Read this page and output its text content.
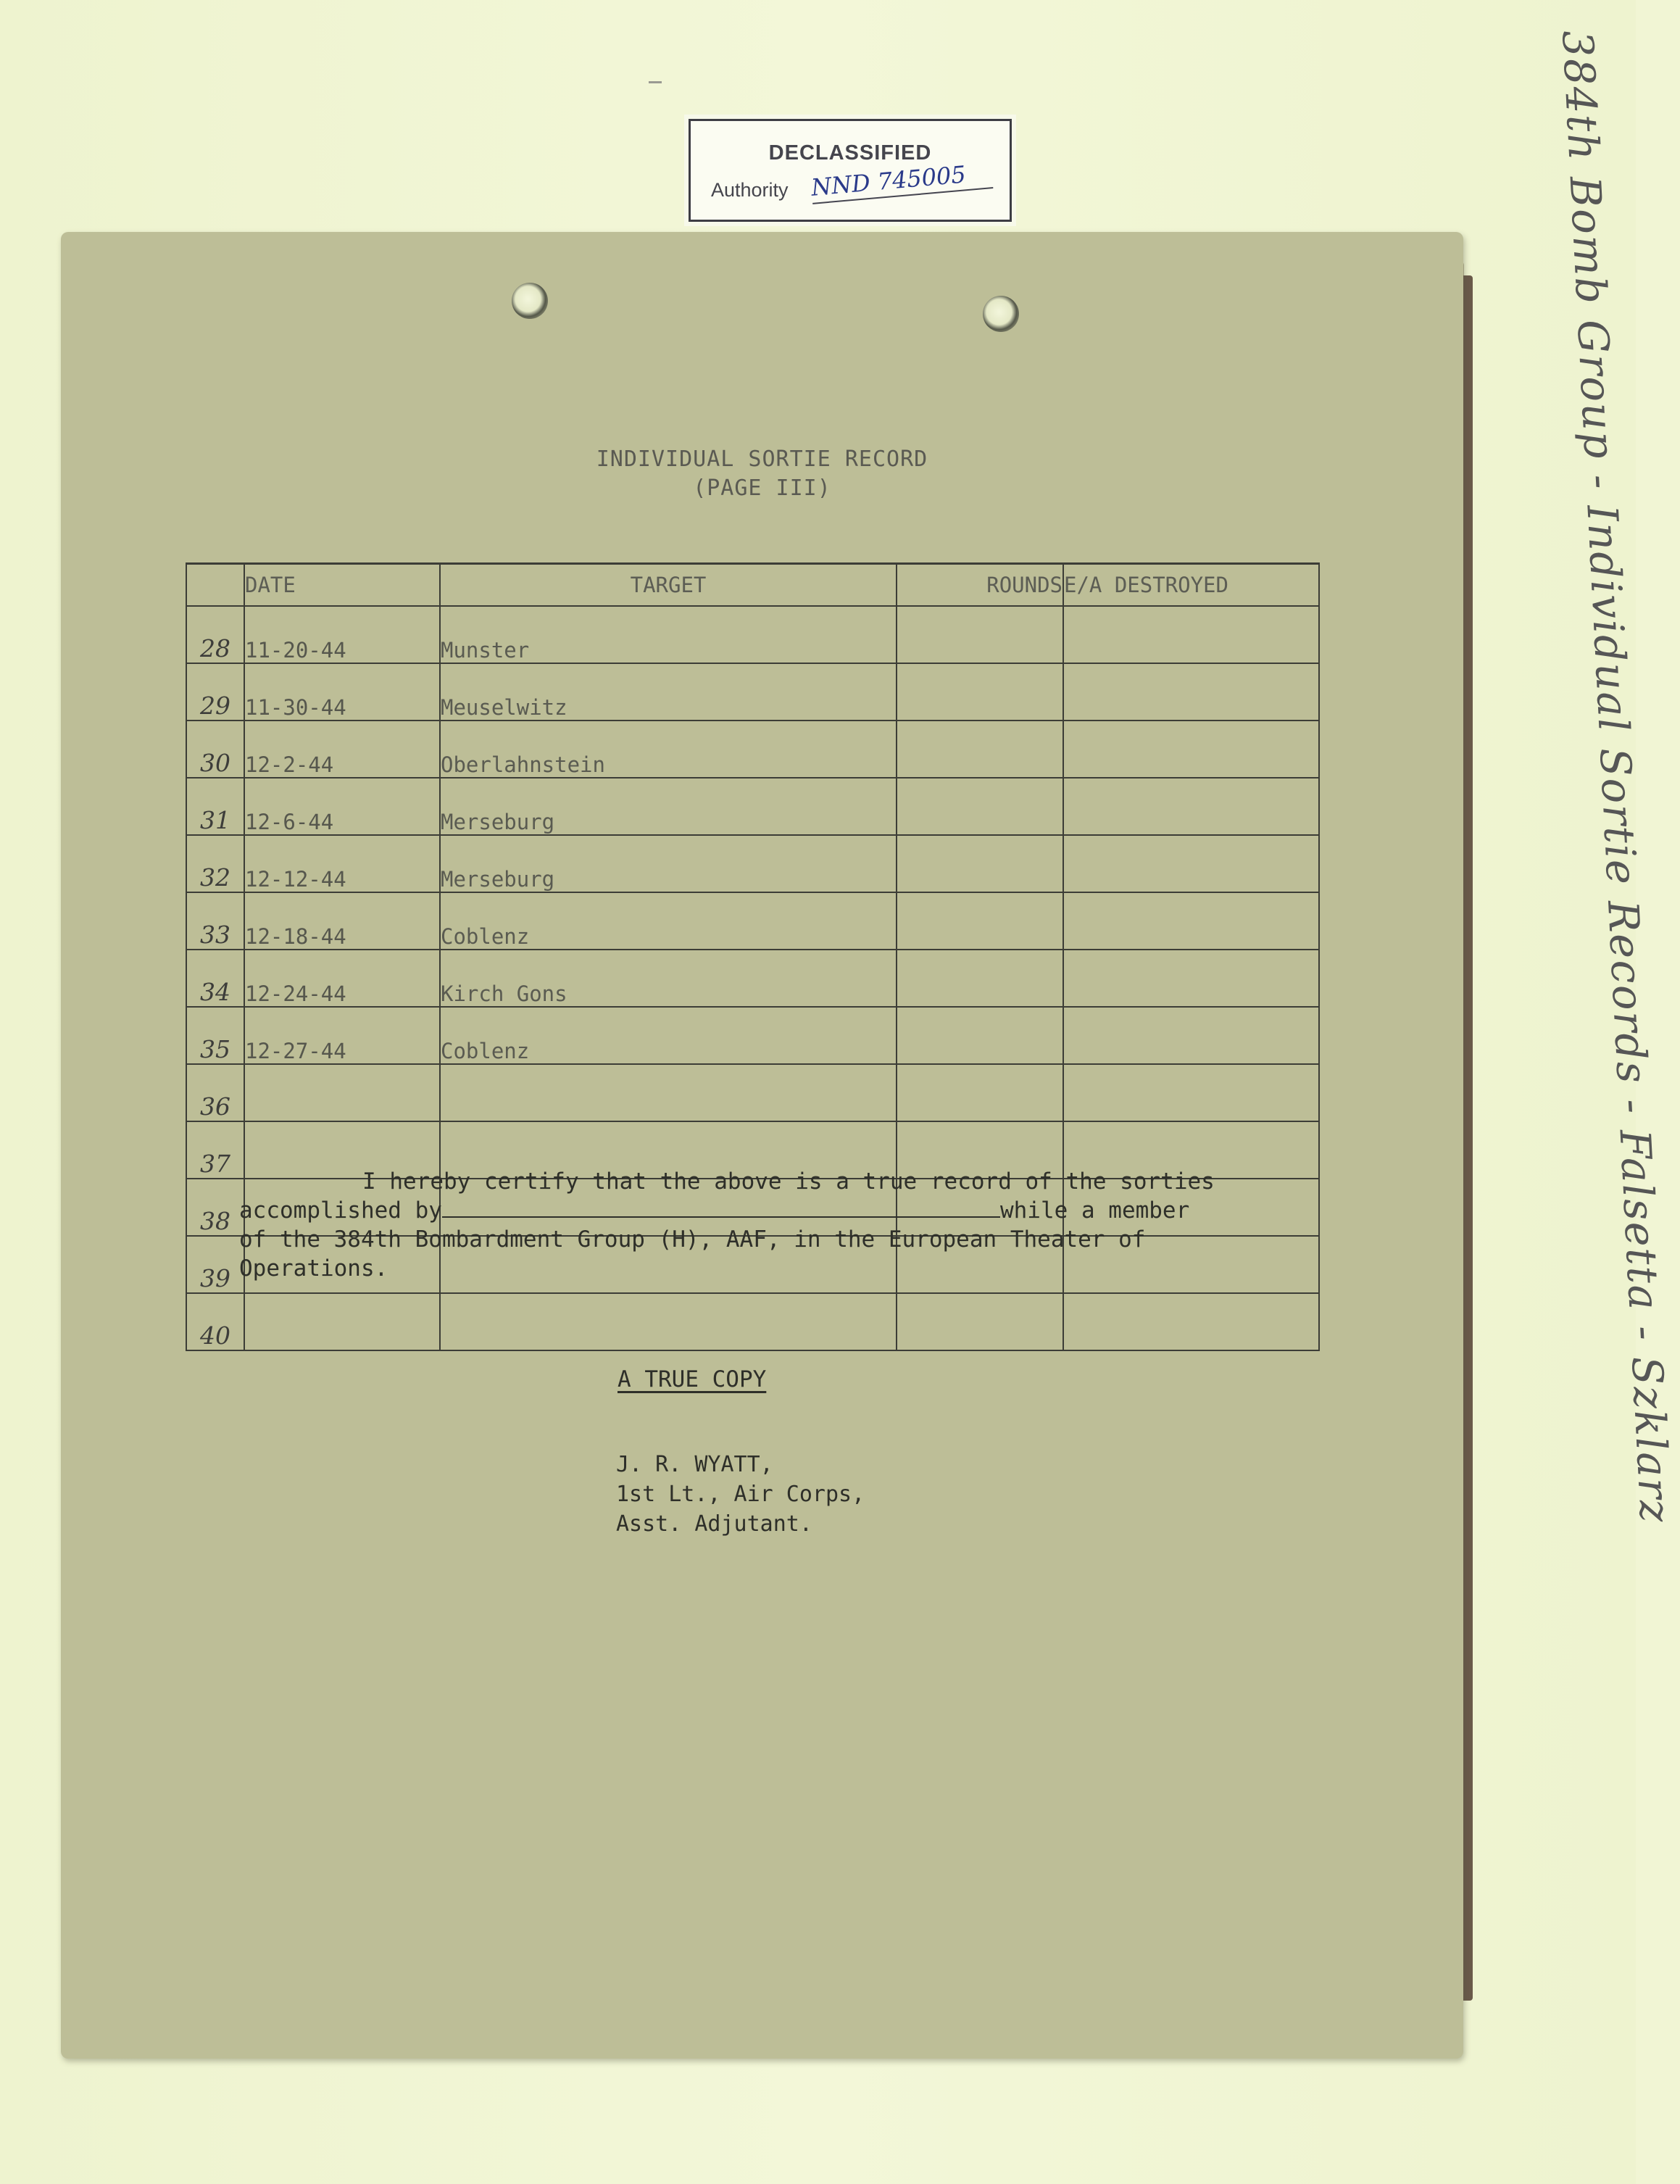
DECLASSIFIED
Authority NND 745005
INDIVIDUAL SORTIE RECORD
(PAGE III)
	DATE	TARGET	ROUNDS	E/A DESTROYED
28	11-20-44	Munster		
29	11-30-44	Meuselwitz		
30	12-2-44	Oberlahnstein		
31	12-6-44	Merseburg		
32	12-12-44	Merseburg		
33	12-18-44	Coblenz		
34	12-24-44	Kirch Gons		
35	12-27-44	Coblenz		
36				
37				
38				
39				
40				
I hereby certify that the above is a true record of the sorties
accomplished by	while a member
of the 384th Bombardment Group (H), AAF, in the European Theater of
Operations.
A TRUE COPY
J. R. WYATT,
1st Lt., Air Corps,
Asst. Adjutant.	384th Bomb Group - Individual Sortie Records - Falsetta - Szklarz
